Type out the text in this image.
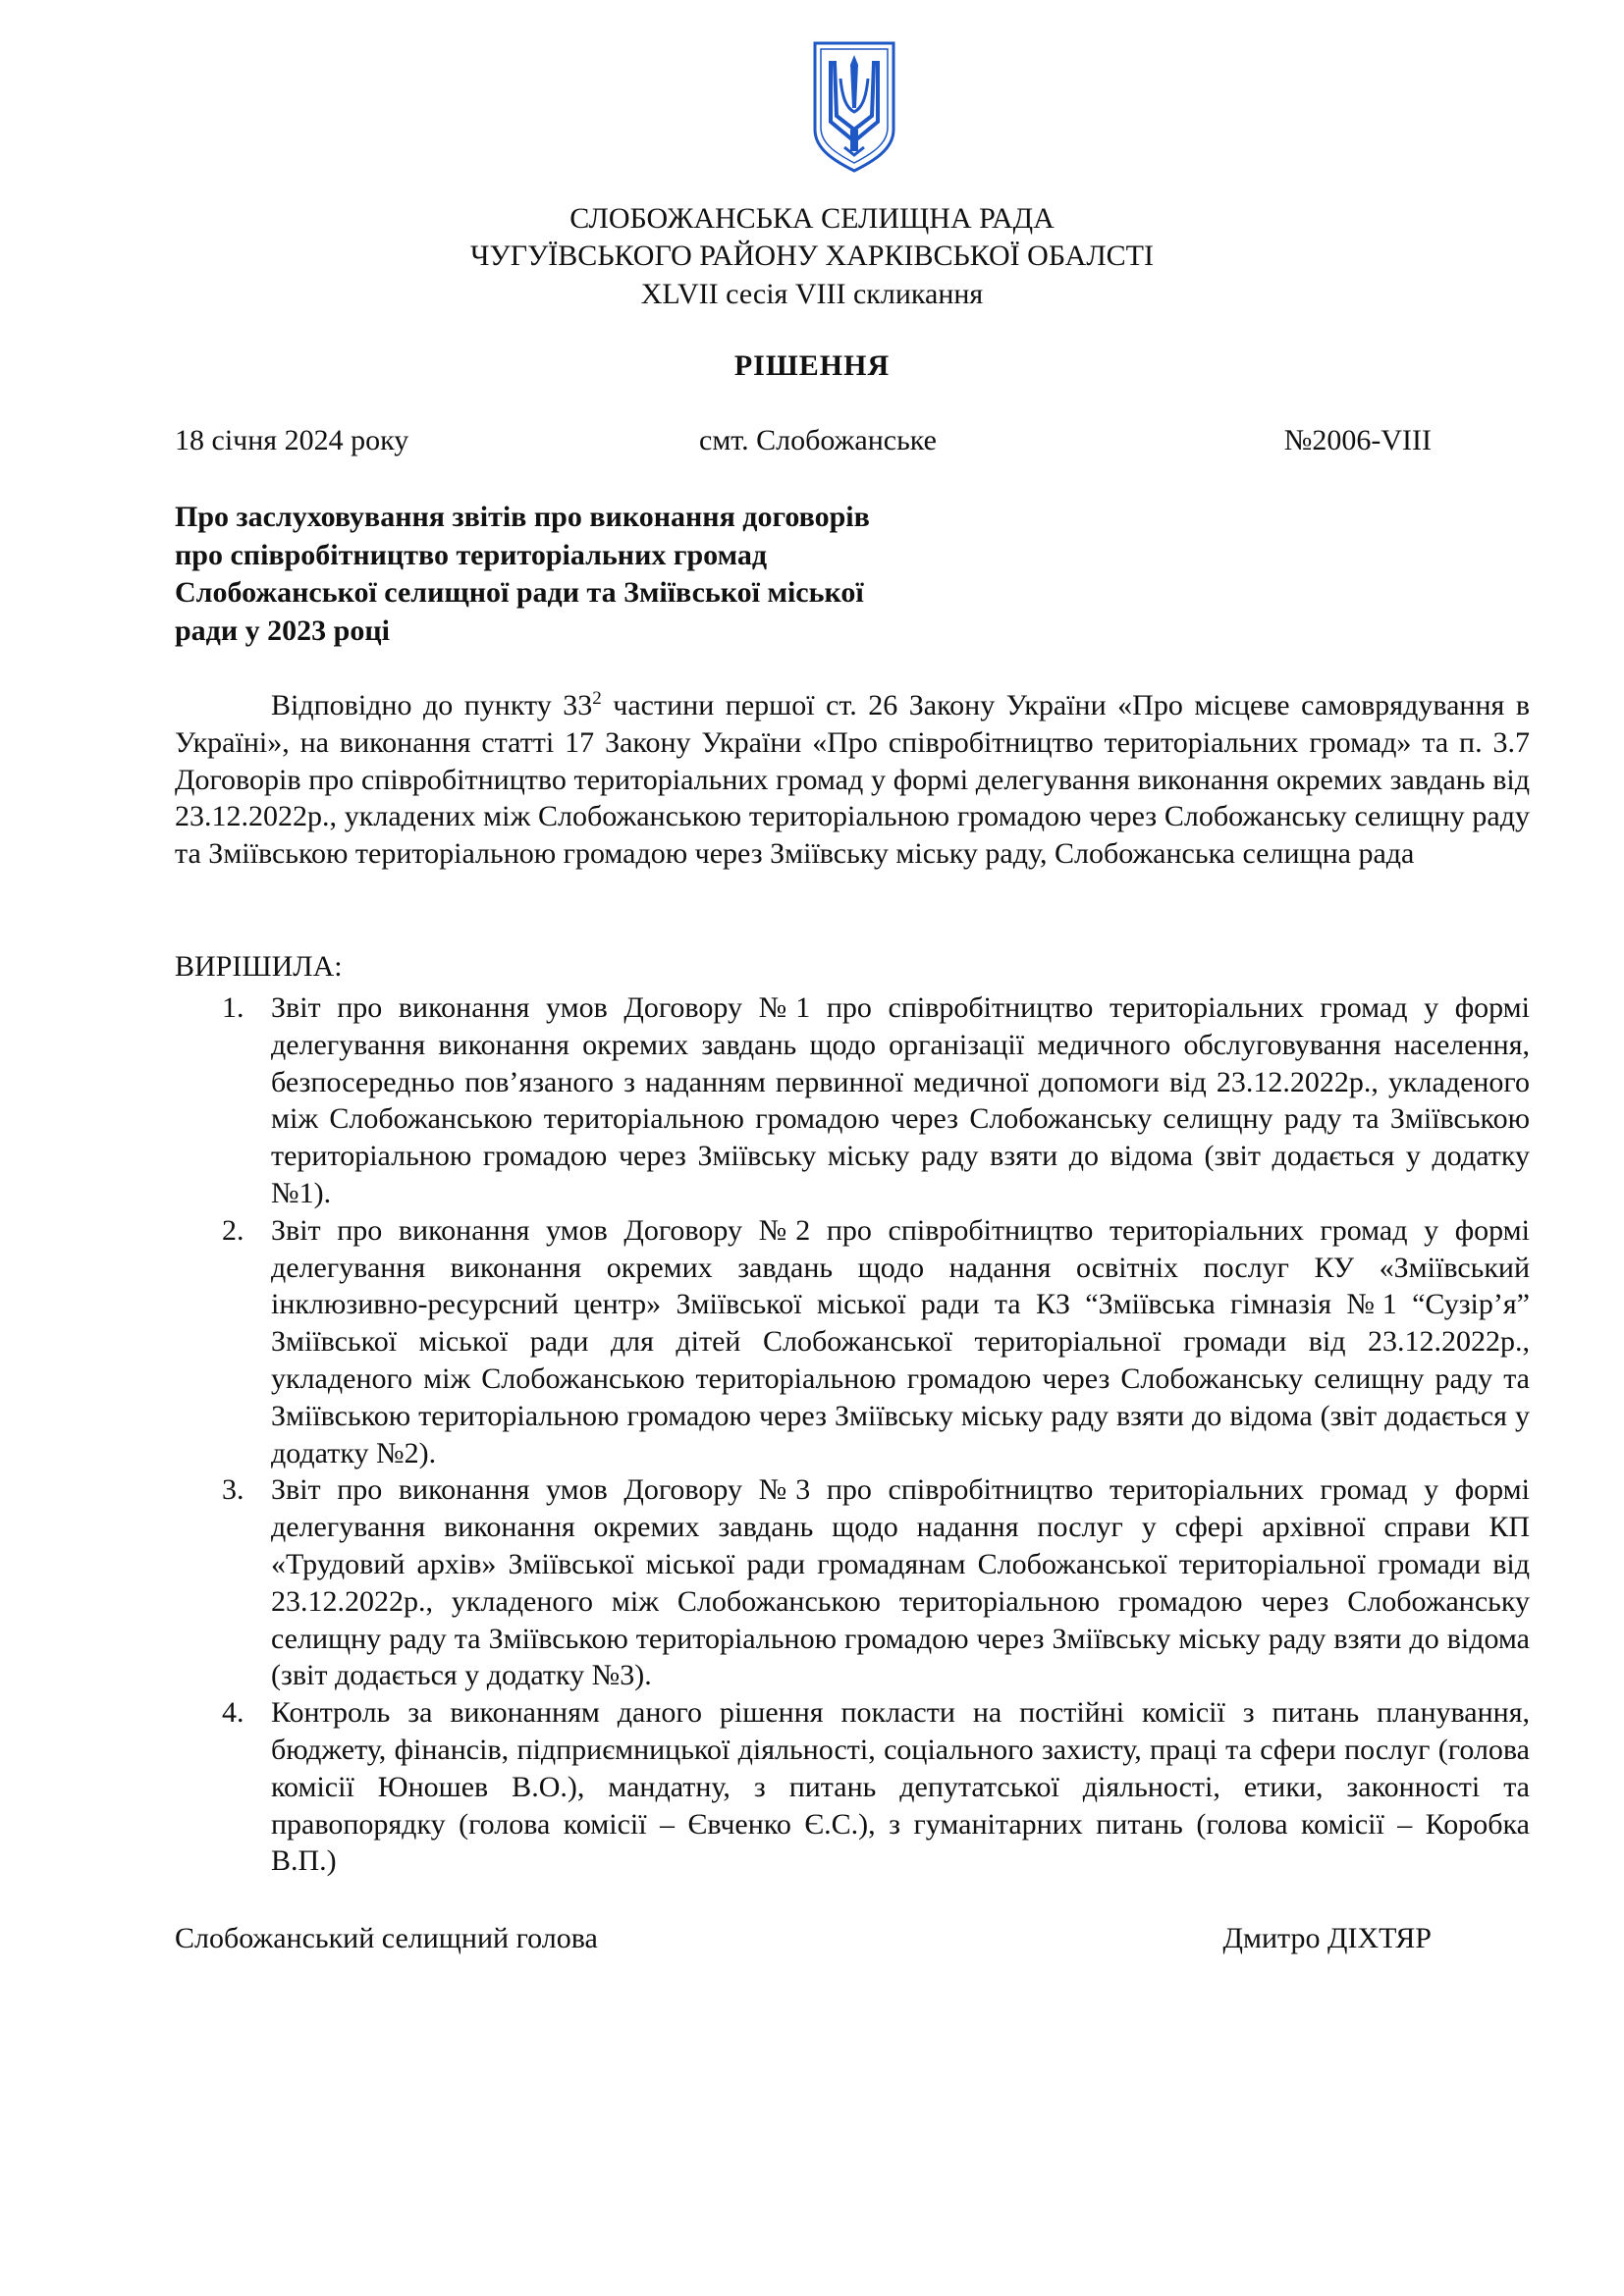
СЛОБОЖАНСЬКА СЕЛИЩНА РАДА
ЧУГУЇВСЬКОГО РАЙОНУ ХАРКІВСЬКОЇ ОБАЛСТІ
XLVII сесія VIII скликання
РІШЕННЯ
18 січня 2024 року	смт. Слобожанське	№2006-VIII
Про заслуховування звітів про виконання договорів про співробітництво територіальних громад Слобожанської селищної ради та Зміївської міської ради у 2023 році
Відповідно до пункту $33^2$ частини першої ст. 26 Закону України «Про місцеве самоврядування в Україні», на виконання статті 17 Закону України «Про співробітництво територіальних громад» та п. 3.7 Договорів про співробітництво територіальних громад у формі делегування виконання окремих завдань від 23.12.2022р., укладених між Слобожанською територіальною громадою через Слобожанську селищну раду та Зміївською територіальною громадою через Зміївську міську раду, Слобожанська селищна рада
ВИРІШИЛА:
1. Звіт про виконання умов Договору №1 про співробітництво територіальних громад у формі делегування виконання окремих завдань щодо організації медичного обслуговування населення, безпосередньо пов’язаного з наданням первинної медичної допомоги від 23.12.2022р., укладеного між Слобожанською територіальною громадою через Слобожанську селищну раду та Зміївською територіальною громадою через Зміївську міську раду взяти до відома (звіт додається у додатку №1).
2. Звіт про виконання умов Договору №2 про співробітництво територіальних громад у формі делегування виконання окремих завдань щодо надання освітніх послуг КУ «Зміївський інклюзивно-ресурсний центр» Зміївської міської ради та КЗ “Зміївська гімназія №1 “Сузір’я” Зміївської міської ради для дітей Слобожанської територіальної громади від 23.12.2022р., укладеного між Слобожанською територіальною громадою через Слобожанську селищну раду та Зміївською територіальною громадою через Зміївську міську раду взяти до відома (звіт додається у додатку №2).
3. Звіт про виконання умов Договору №3 про співробітництво територіальних громад у формі делегування виконання окремих завдань щодо надання послуг у сфері архівної справи КП «Трудовий архів» Зміївської міської ради громадянам Слобожанської територіальної громади від 23.12.2022р., укладеного між Слобожанською територіальною громадою через Слобожанську селищну раду та Зміївською територіальною громадою через Зміївську міську раду взяти до відома (звіт додається у додатку №3).
4. Контроль за виконанням даного рішення покласти на постійні комісії з питань планування, бюджету, фінансів, підприємницької діяльності, соціального захисту, праці та сфери послуг (голова комісії Юношев В.О.), мандатну, з питань депутатської діяльності, етики, законності та правопорядку (голова комісії – Євченко Є.С.), з гуманітарних питань (голова комісії – Коробка В.П.)
Слобожанський селищний голова	Дмитро ДІХТЯР
